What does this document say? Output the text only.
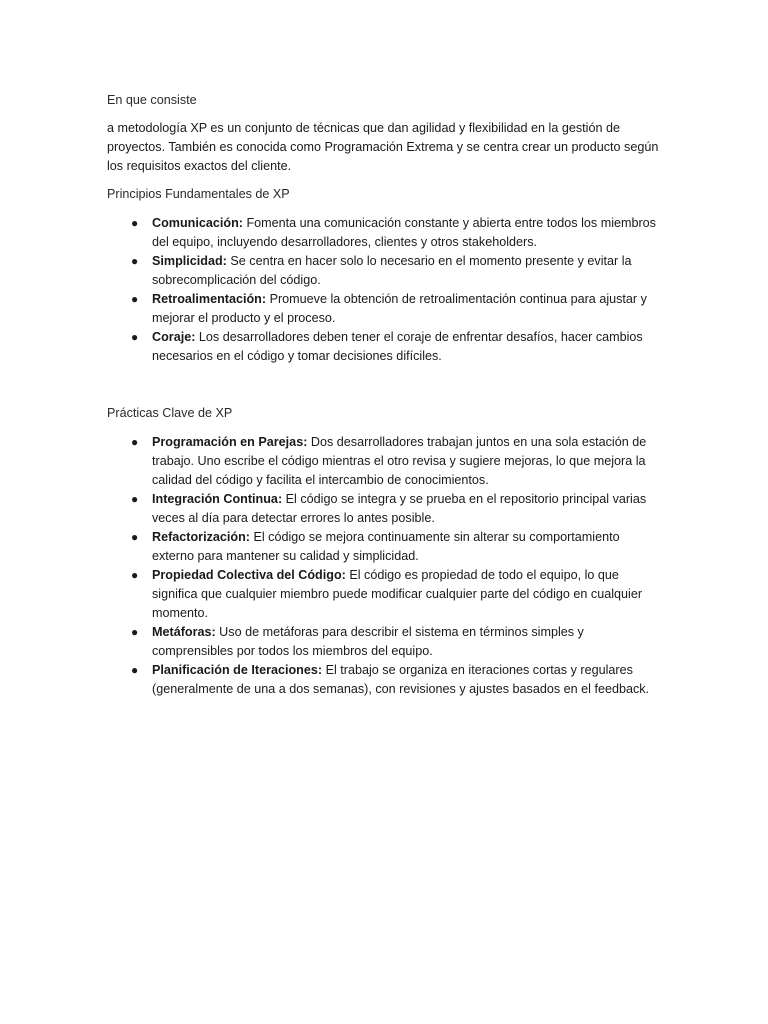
En que consiste

a metodología XP es un conjunto de técnicas que dan agilidad y flexibilidad en la gestión de proyectos. También es conocida como Programación Extrema y se centra crear un producto según los requisitos exactos del cliente.

Principios Fundamentales de XP

● Comunicación: Fomenta una comunicación constante y abierta entre todos los miembros del equipo, incluyendo desarrolladores, clientes y otros stakeholders.
● Simplicidad: Se centra en hacer solo lo necesario en el momento presente y evitar la sobrecomplicación del código.
● Retroalimentación: Promueve la obtención de retroalimentación continua para ajustar y mejorar el producto y el proceso.
● Coraje: Los desarrolladores deben tener el coraje de enfrentar desafíos, hacer cambios necesarios en el código y tomar decisiones difíciles.

Prácticas Clave de XP

● Programación en Parejas: Dos desarrolladores trabajan juntos en una sola estación de trabajo. Uno escribe el código mientras el otro revisa y sugiere mejoras, lo que mejora la calidad del código y facilita el intercambio de conocimientos.
● Integración Continua: El código se integra y se prueba en el repositorio principal varias veces al día para detectar errores lo antes posible.
● Refactorización: El código se mejora continuamente sin alterar su comportamiento externo para mantener su calidad y simplicidad.
● Propiedad Colectiva del Código: El código es propiedad de todo el equipo, lo que significa que cualquier miembro puede modificar cualquier parte del código en cualquier momento.
● Metáforas: Uso de metáforas para describir el sistema en términos simples y comprensibles por todos los miembros del equipo.
● Planificación de Iteraciones: El trabajo se organiza en iteraciones cortas y regulares (generalmente de una a dos semanas), con revisiones y ajustes basados en el feedback.
